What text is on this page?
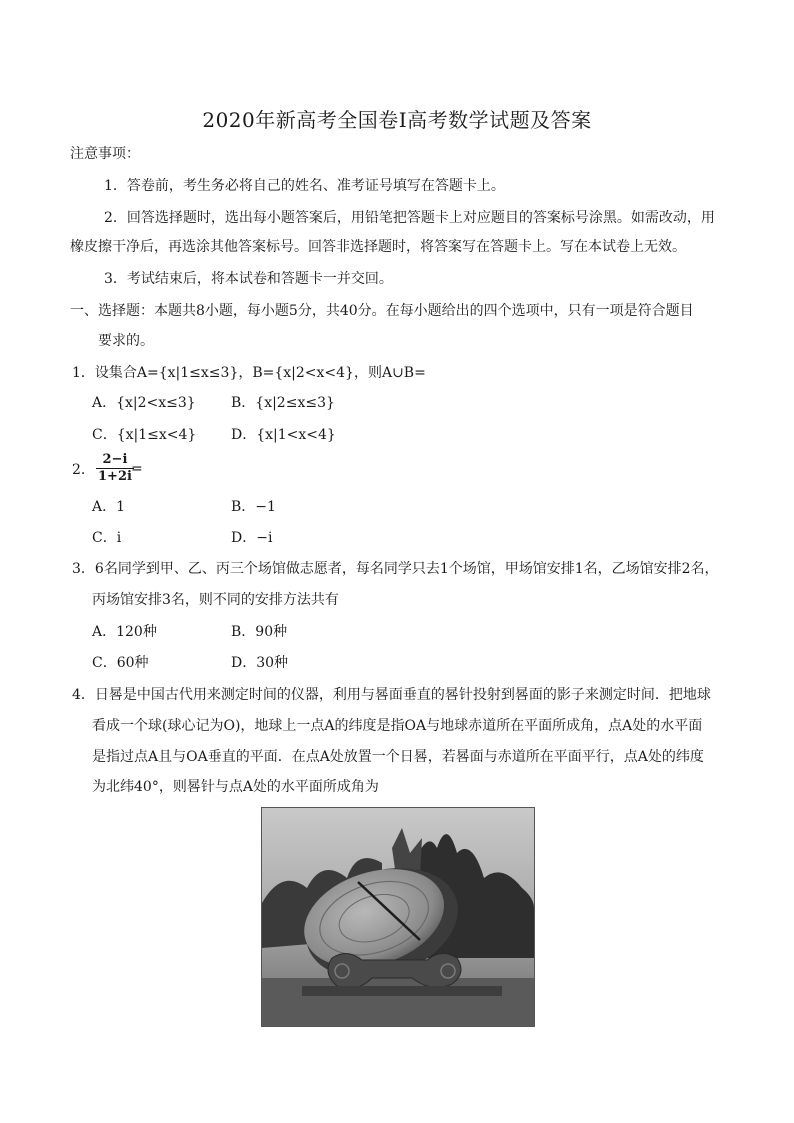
2020年新高考全国卷Ⅰ高考数学试题及答案
注意事项：
1．答卷前，考生务必将自己的姓名、准考证号填写在答题卡上。
2．回答选择题时，选出每小题答案后，用铅笔把答题卡上对应题目的答案标号涂黑。如需改动，用
橡皮擦干净后，再选涂其他答案标号。回答非选择题时，将答案写在答题卡上。写在本试卷上无效。
3．考试结束后，将本试卷和答题卡一并交回。
一、选择题：本题共8小题，每小题5分，共40分。在每小题给出的四个选项中，只有一项是符合题目
要求的。
1．设集合A={x|1≤x≤3}，B={x|2<x<4}，则A∪B=
A．{x|2<x≤3}	B．{x|2≤x≤3}
C．{x|1≤x<4} D．{x|1<x<4}
2．
2−i
1+2i =
A．1	B．−1
C．i	D．−i
3．6名同学到甲、乙、丙三个场馆做志愿者，每名同学只去1个场馆，甲场馆安排1名，乙场馆安排2名，
丙场馆安排3名，则不同的安排方法共有
A．120种	B．90种
C．60种	D．30种
4．日晷是中国古代用来测定时间的仪器，利用与晷面垂直的晷针投射到晷面的影子来测定时间．把地球
看成一个球(球心记为O)，地球上一点A的纬度是指OA与地球赤道所在平面所成角，点A处的水平面
是指过点A且与OA垂直的平面．在点A处放置一个日晷，若晷面与赤道所在平面平行，点A处的纬度
为北纬40°，则晷针与点A处的水平面所成角为
